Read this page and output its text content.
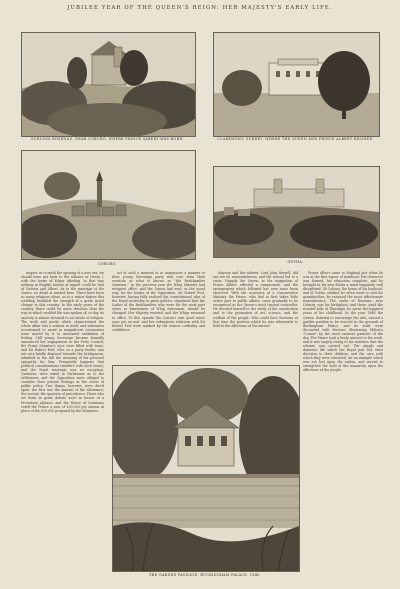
JUBILEE YEAR OF THE QUEEN'S REIGN: HER MAJESTY'S EARLY LIFE.
SCHLOSS ROSENAU, NEAR COBURG, WHERE PRINCE ALBERT WAS BORN.	CLAREMONT, SURREY, WHERE THE QUEEN AND PRINCE ALBERT RESIDED.
COBURG.	GOTHA.

inspect as to mark the opening of a new era; we should have got back to the alliance of Henry I. with the house of Edgar Atheling. In that way nothing in English history of import could be that of Victoria and Albert. As to the marriage of the Queen, no detail is needed here. There have been so many religious ideas, as to a minor degree this wedding heralded the strength of a great moral change in this country. In the early years of the century, there could be more devotion than the way in which wedded life was spoken of; to-day, its sanctity is almost elevated to an article of religion. The truth and purity which characterised the whole affair was a sermon in itself, and statesmen accustomed to assist in magnificent ceremonies were moved by it to unwonted exhibition of feeling. Still young Sovereign became formally announced her engagement to the Privy Council, the Prime Minister's eyes were filled with tears; and Sir Robert Peel, who, as a party leader, was not very kindly disposed towards the bridegroom, admitted in the full the meaning of his personal sympathy for him. Frequently happens that political considerations interfere with such feasts; and the Royal marriage was no exception. Questions were asked in Parliament as to the settlement, and the Opposition were obliged to consider their private feelings in the sense of public policy. Two things, however, were dwelt upon: the first was the amount of the allowance; the second, the question of precedence. Those who set them in great debate were in favour of a Protestant alliance, and the House of Commons voted the Prince a sum of £30,000 per annum in place of the £50,000 proposed by the Ministers.

act at such a moment in so ungracious a manner to their young Sovereign party zeal rose from their vocation as what is known as "the Bedchamber Question." In the previous year the Whig Ministry had resigned office, and the Queen had sent, in the usual way, for the leader of the Opposition. Sir Robert Peel, however, having fully realised the constitutional idea of the Royal neutrality in party politics, stipulated that the Ladies of the Bedchamber, who were for the most part wives or kinswomen of Whig statesmen, should be changed. Her Majesty resisted, and the Whigs returned to office. To this episode the Queen's own good sense soon put an end, and her subsequent relations with Sir Robert Peel were marked by the utmost cordiality and confidence.

Majesty and her adviser, Lord John Russell, did not see its reasonableness, and the refusal led to a crisis. Happily the Queen, at the suggestion of Prince Albert, effected a compromise, and the arrangement which followed has ever since been observed. With the accession of a Conservative Ministry the Prince, who had at first taken little active part in public affairs, came gradually to be recognised as the Queen's most trusted counsellor. He devoted himself to the study of the constitution and to the promotion of art, science, and the welfare of the people. Who could have foreseen at that time the position which he was afterwards to hold in the affections of the nation?

Prince Albert came to England just when he was in the first vigour of manhood. His character was formed, his education complete, and he brought to his new duties a mind singularly well disciplined. Of Coburg, the home of his boyhood, and of Gotha, whither he often went to visit his grandmother, he retained the most affectionate remembrance. The castle of Rosenau, near Coburg, was his birthplace; and there, amid the wooded hills of Thuringia, he spent the happiest years of his childhood. In the year 1846 the Queen, desiring to encourage the arts, caused a garden pavilion to be erected in the grounds of Buckingham Palace, and its walls were decorated with frescoes illustrating Milton's "Comus" by the most eminent painters of the day. The Prince took a lively interest in the work, and it was largely owing to his initiative that the scheme was carried out. The simple and domestic life which the Royal pair led, their devotion to their children, and the care with which they were educated, set an example which was not lost upon the nation, and served to strengthen the hold of the monarchy upon the affections of the people.

THE GARDEN PAVILION, BUCKINGHAM PALACE, 1846.
